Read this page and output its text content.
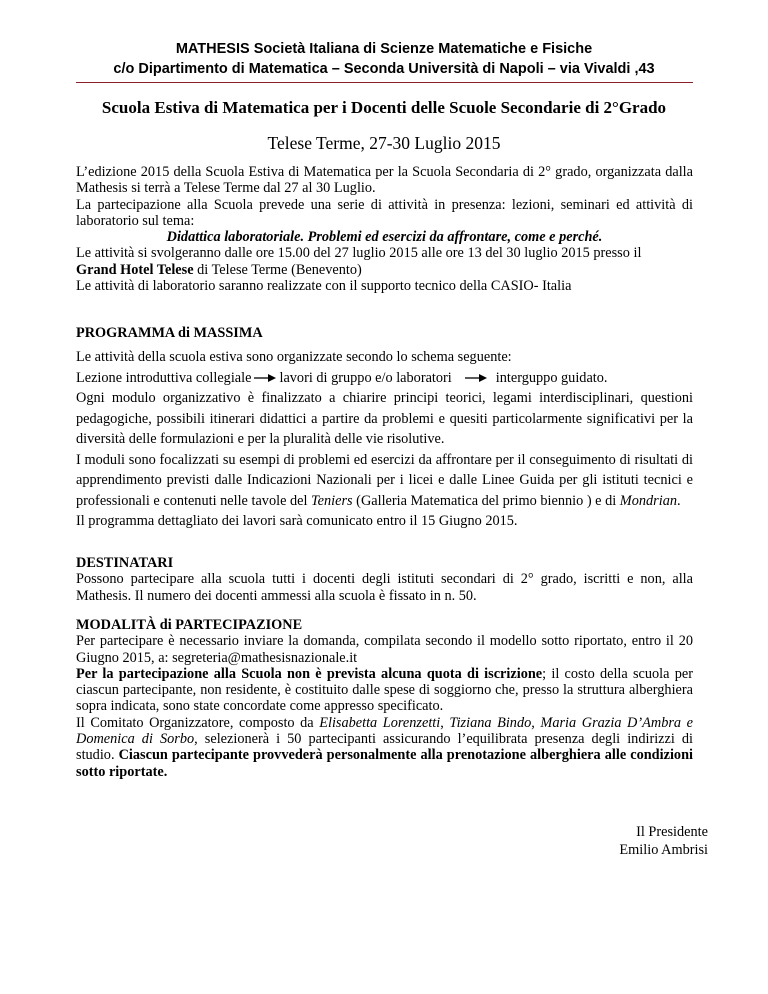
MATHESIS Società Italiana di Scienze Matematiche e Fisiche
c/o Dipartimento di Matematica – Seconda Università di Napoli – via Vivaldi ,43
Scuola Estiva di Matematica per i Docenti delle Scuole Secondarie di 2°Grado
Telese Terme, 27-30 Luglio 2015
L’edizione 2015 della Scuola Estiva di Matematica per la Scuola Secondaria di 2° grado, organizzata dalla Mathesis si terrà a Telese Terme dal 27 al 30 Luglio.
La partecipazione alla Scuola prevede una serie di attività in presenza: lezioni, seminari ed attività di laboratorio sul tema:
Didattica laboratoriale. Problemi ed esercizi da affrontare, come e perché.
Le attività si svolgeranno dalle ore 15.00 del 27 luglio 2015 alle ore 13 del 30 luglio 2015 presso il
Grand Hotel Telese di Telese Terme (Benevento)
Le attività di laboratorio saranno realizzate con il supporto tecnico della CASIO- Italia
PROGRAMMA di MASSIMA
Le attività della scuola estiva sono organizzate secondo lo schema seguente:
Lezione introduttiva collegiale lavori di gruppo e/o laboratori	interguppo guidato.
Ogni modulo organizzativo è finalizzato a chiarire principi teorici, legami interdisciplinari, questioni pedagogiche, possibili itinerari didattici a partire da problemi e quesiti particolarmente significativi per la diversità delle formulazioni e per la pluralità delle vie risolutive.
I moduli sono focalizzati su esempi di problemi ed esercizi da affrontare per il conseguimento di risultati di apprendimento previsti dalle Indicazioni Nazionali per i licei e dalle Linee Guida per gli istituti tecnici e professionali e contenuti nelle tavole del Teniers (Galleria Matematica del primo biennio ) e di Mondrian.
Il programma dettagliato dei lavori sarà comunicato entro il 15 Giugno 2015.
DESTINATARI
Possono partecipare alla scuola tutti i docenti degli istituti secondari di 2° grado, iscritti e non, alla Mathesis. Il numero dei docenti ammessi alla scuola è fissato in n. 50.
MODALITÀ di PARTECIPAZIONE
Per partecipare è necessario inviare la domanda, compilata secondo il modello sotto riportato, entro il 20 Giugno 2015, a: segreteria@mathesisnazionale.it
Per la partecipazione alla Scuola non è prevista alcuna quota di iscrizione; il costo della scuola per ciascun partecipante, non residente, è costituito dalle spese di soggiorno che, presso la struttura alberghiera sopra indicata, sono state concordate come appresso specificato.
Il Comitato Organizzatore, composto da Elisabetta Lorenzetti, Tiziana Bindo, Maria Grazia D’Ambra e Domenica di Sorbo, selezionerà i 50 partecipanti assicurando l’equilibrata presenza degli indirizzi di studio. Ciascun partecipante provvederà personalmente alla prenotazione alberghiera alle condizioni sotto riportate.
Il Presidente
Emilio Ambrisi
